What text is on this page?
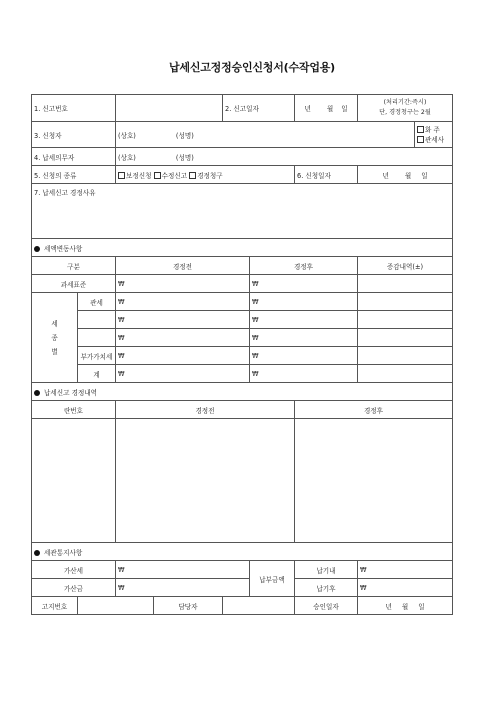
납세신고정정승인신청서(수작업용)
1. 신고번호				2. 신고일자		년 월 일	(처리기간:즉시)
단, 경정청구는 2월	

3. 신청자		(상호) (성명)						화 주
관세사

4. 납세의무자		(상호) (성명)						
5. 신청의 종류		보정신청 수정신고 경정청구				6. 신청일자	년 월 일	
7. 납세신고 경정사유								
세액변동사항								
구분		경정전			경정후		증감내역(±)	
과세표준		₩			₩			

세
종
별	관세	₩			₩			
		₩			₩			
		₩			₩			
	부가가치세	₩			₩			
	계	₩			₩			
납세신고 경정내역								
란번호		경정전				경정후		

세관통지사항								
가산세		₩			납부금액	납기내	₩	
가산금		₩				납기후	₩	
고지번호			담당자			승인일자	년 월 일	
